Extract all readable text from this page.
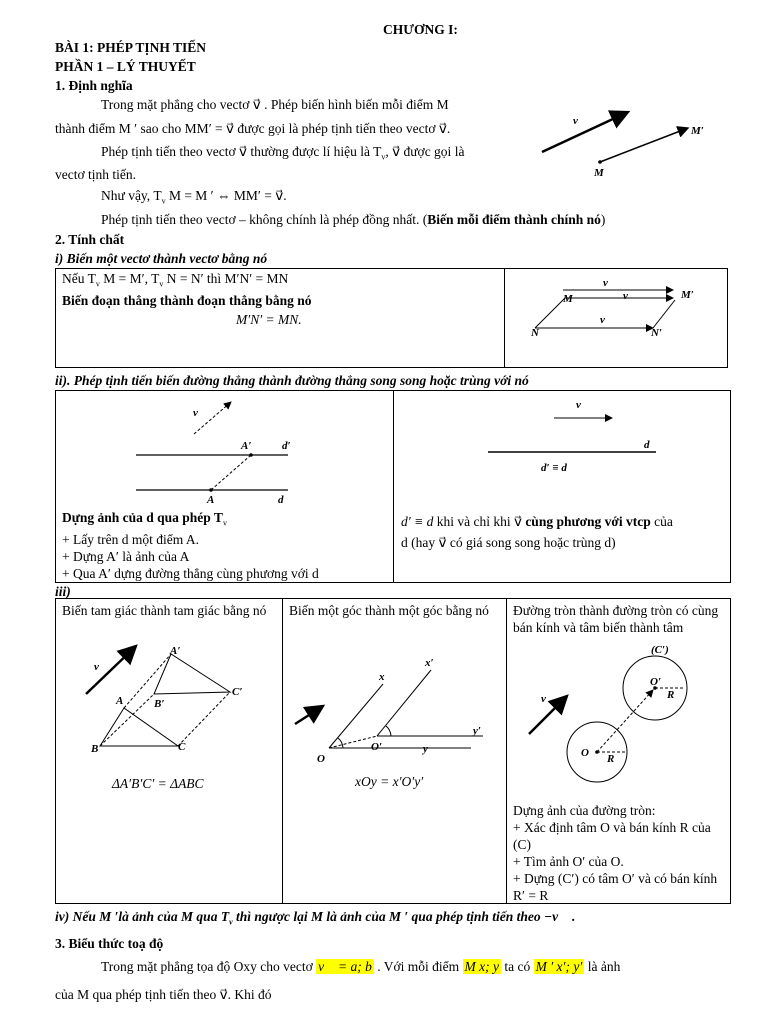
CHƯƠNG I:
BÀI 1: PHÉP TỊNH TIẾN
PHẦN 1 – LÝ THUYẾT
1. Định nghĩa
Trong mặt phẳng cho vectơ v⃗ . Phép biến hình biến mỗi điểm M
thành điểm M ′ sao cho MM′ = v⃗ được gọi là phép tịnh tiến theo vectơ v⃗.
Phép tịnh tiến theo vectơ v⃗ thường được lí hiệu là $T_v$, v⃗ được gọi là
vectơ tịnh tiến.
Như vậy, $T_v$ M = M ′ ⇔ MM′ = v⃗.
Phép tịnh tiến theo vectơ – không chính là phép đồng nhất. (Biến mỗi điểm thành chính nó)
v⃗
M′
M
2. Tính chất
i) Biến một vectơ thành vectơ bằng nó
Nếu $T_v$ M = M′, $T_v$ N = N′ thì M′N′ = MN
Biến đoạn thẳng thành đoạn thẳng bằng nó
M′N′ = MN.
v⃗
v⃗
v⃗
M	M′
N	N′
ii). Phép tịnh tiến biến đường thẳng thành đường thẳng song song hoặc trùng với nó
v⃗
A′	d′
A	d
Dựng ảnh của d qua phép $T_v$
+ Lấy trên d một điểm A.
+ Dựng A′ là ảnh của A
+ Qua A′ dựng đường thẳng cùng phương với d
v⃗
d
d′ ≡ d
d′ ≡ d khi và chỉ khi v⃗ cùng phương với vtcp của
d (hay v⃗ có giá song song hoặc trùng d)
iii)
Biến tam giác thành tam giác bằng nó
v⃗
A
B	C
A′
B′
C′
ΔA′B′C′ = ΔABC
Biến một góc thành một góc bằng nó
v⃗
x
x′
O
O′	y
y′
xOy = x′O′y′
Đường tròn thành đường tròn có cùng bán kính và tâm biến thành tâm
v⃗
(C′)
O′
R
O R
Dựng ảnh của đường tròn:
+ Xác định tâm O và bán kính R của (C)
+ Tìm ảnh O′ của O.
+ Dựng (C′) có tâm O′ và có bán kính R′ = R
iv) Nếu M ′là ảnh của M qua $T_v$ thì ngược lại M là ảnh của M ′ qua phép tịnh tiến theo −v⃗ .
3. Biểu thức toạ độ
Trong mặt phẳng tọa độ Oxy cho vectơ v⃗ = a; b . Với mỗi điểm M x; y ta có M ′ x′; y′ là ảnh
của M qua phép tịnh tiến theo v⃗. Khi đó
